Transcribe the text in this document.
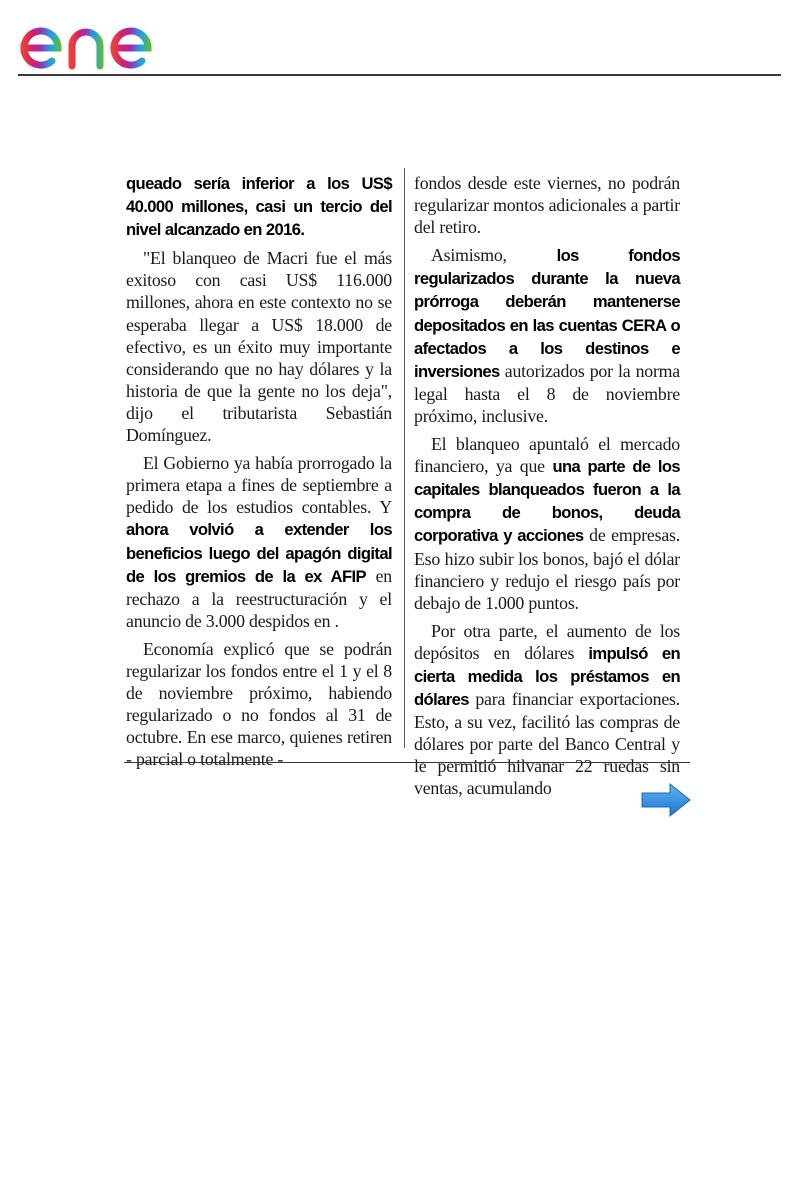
queado sería inferior a los US$ 40.000 millones, casi un tercio del nivel alcanzado en 2016.

"El blanqueo de Macri fue el más exitoso con casi US$ 116.000 millones, ahora en este contexto no se esperaba llegar a US$ 18.000 de efectivo, es un éxito muy importante considerando que no hay dólares y la historia de que la gente no los deja", dijo el tributarista Sebastián Domínguez.

El Gobierno ya había prorrogado la primera etapa a fines de septiembre a pedido de los estudios contables. Y ahora volvió a extender los beneficios luego del apagón digital de los gremios de la ex AFIP en rechazo a la reestructuración y el anuncio de 3.000 despidos en .

Economía explicó que se podrán regularizar los fondos entre el 1 y el 8 de noviembre próximo, habiendo regularizado o no fondos al 31 de octubre. En ese marco, quienes retiren - parcial o totalmente -

fondos desde este viernes, no podrán regularizar montos adicionales a partir del retiro.

Asimismo, los fondos regularizados durante la nueva prórroga deberán mantenerse depositados en las cuentas CERA o afectados a los destinos e inversiones autorizados por la norma legal hasta el 8 de noviembre próximo, inclusive.

El blanqueo apuntaló el mercado financiero, ya que una parte de los capitales blanqueados fueron a la compra de bonos, deuda corporativa y acciones de empresas. Eso hizo subir los bonos, bajó el dólar financiero y redujo el riesgo país por debajo de 1.000 puntos.

Por otra parte, el aumento de los depósitos en dólares impulsó en cierta medida los préstamos en dólares para financiar exportaciones. Esto, a su vez, facilitó las compras de dólares por parte del Banco Central y le permitió hilvanar 22 ruedas sin ventas, acumulando
